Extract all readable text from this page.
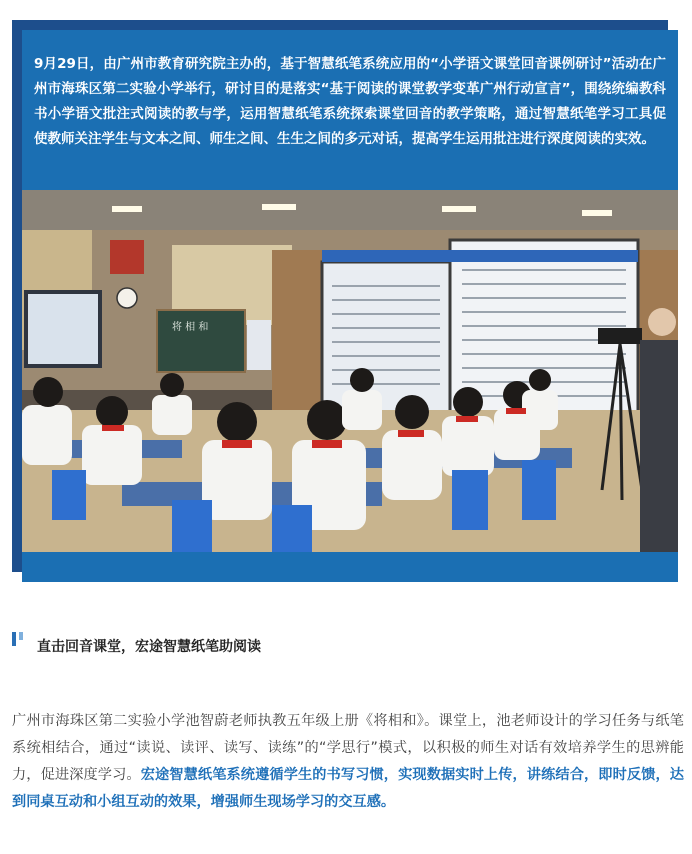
9月29日，由广州市教育研究院主办的，基于智慧纸笔系统应用的“小学语文课堂回音课例研讨”活动在广州市海珠区第二实验小学举行，研讨目的是落实“基于阅读的课堂教学变革广州行动宣言”，围绕统编教科书小学语文批注式阅读的教与学，运用智慧纸笔系统探索课堂回音的教学策略，通过智慧纸笔学习工具促使教师关注学生与文本之间、师生之间、生生之间的多元对话，提高学生运用批注进行深度阅读的实效。

将 相 和
直击回音课堂，宏途智慧纸笔助阅读

广州市海珠区第二实验小学池智蔚老师执教五年级上册《将相和》。课堂上，池老师设计的学习任务与纸笔系统相结合，通过“读说、读评、读写、读练”的“学思行”模式，以积极的师生对话有效培养学生的思辨能力，促进深度学习。宏途智慧纸笔系统遵循学生的书写习惯，实现数据实时上传，讲练结合，即时反馈，达到同桌互动和小组互动的效果，增强师生现场学习的交互感。
